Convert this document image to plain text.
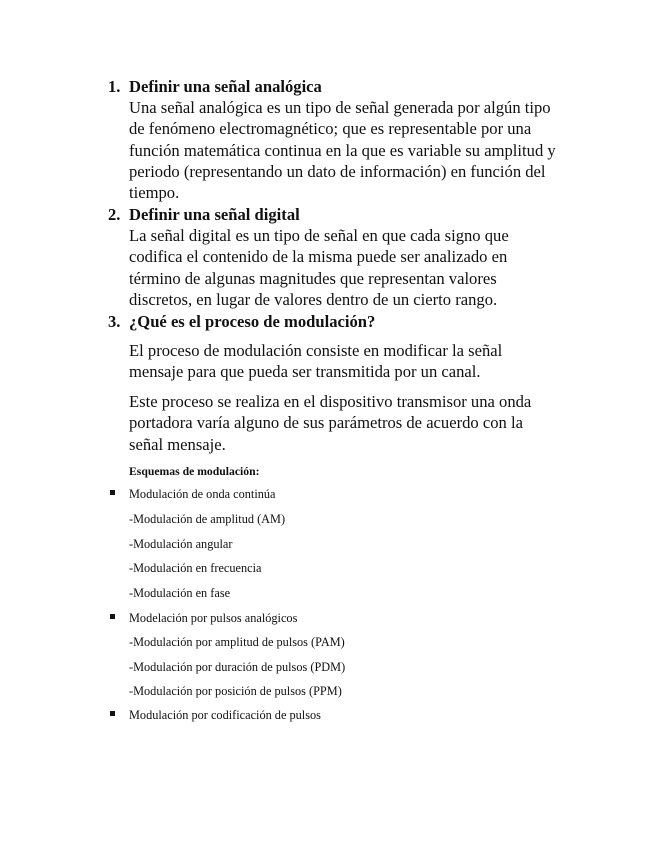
1. Definir una señal analógica

Una señal analógica es un tipo de señal generada por algún tipo de fenómeno electromagnético; que es representable por una función matemática continua en la que es variable su amplitud y periodo (representando un dato de información) en función del tiempo.

2. Definir una señal digital

La señal digital es un tipo de señal en que cada signo que codifica el contenido de la misma puede ser analizado en término de algunas magnitudes que representan valores discretos, en lugar de valores dentro de un cierto rango.

3. ¿Qué es el proceso de modulación?

El proceso de modulación consiste en modificar la señal mensaje para que pueda ser transmitida por un canal.

Este proceso se realiza en el dispositivo transmisor una onda portadora varía alguno de sus parámetros de acuerdo con la señal mensaje.

Esquemas de modulación:

Modulación de onda continúa

-Modulación de amplitud (AM)

-Modulación angular

-Modulación en frecuencia

-Modulación en fase

Modelación por pulsos analógicos

-Modulación por amplitud de pulsos (PAM)

-Modulación por duración de pulsos (PDM)

-Modulación por posición de pulsos (PPM)

Modulación por codificación de pulsos
